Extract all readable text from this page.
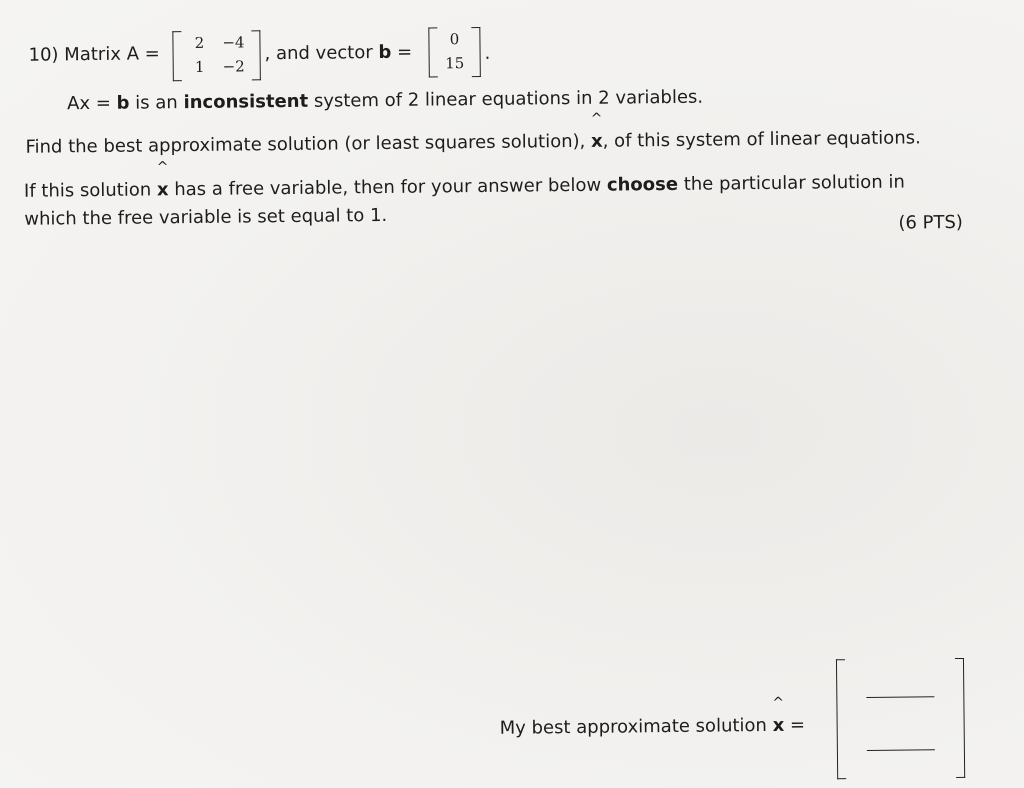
10) Matrix A =
2	−4
1	−2
, and vector b =
0
15	.
Ax = b is an inconsistent system of 2 linear equations in 2 variables.
Find the best approximate solution (or least squares solution),
^
x, of this system of linear equations.
If this solution
^
x has a free variable, then for your answer below choose the particular solution in
which the free variable is set equal to 1.	(6 PTS)
My best approximate solution
^
x =
